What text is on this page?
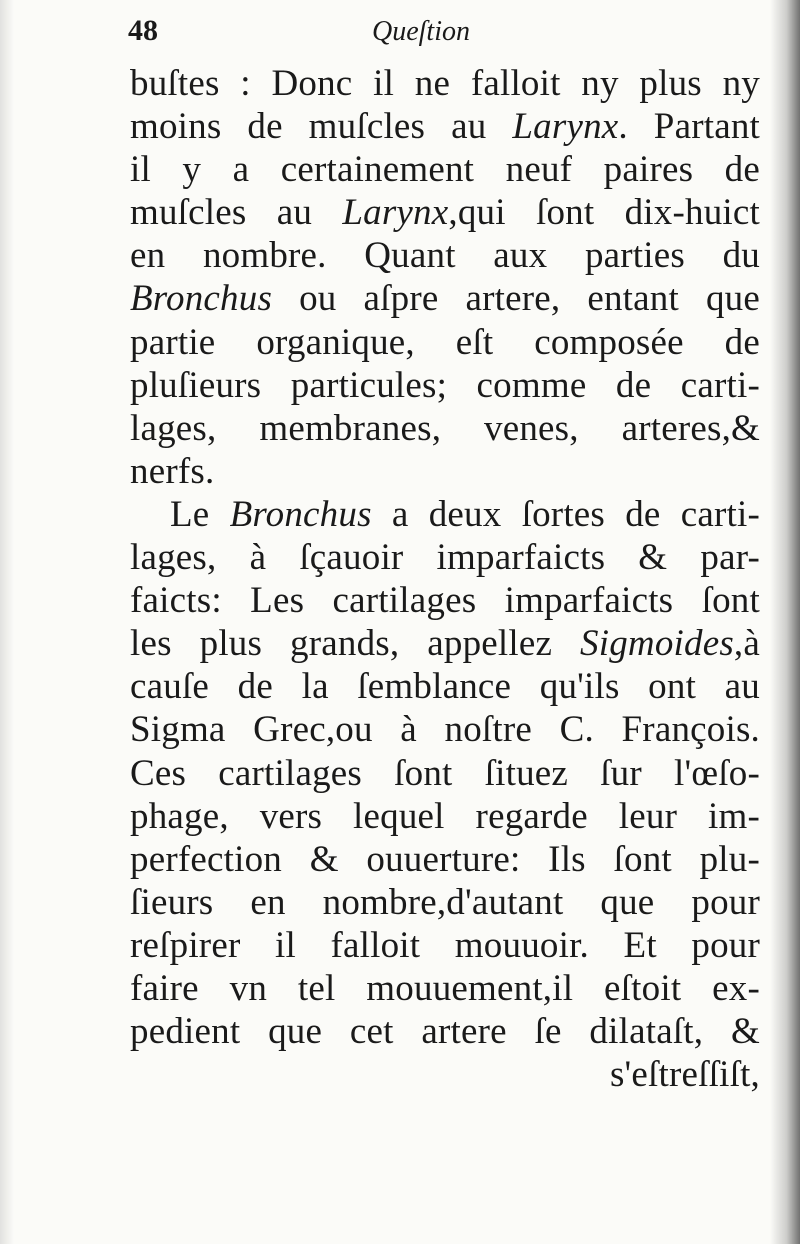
48	Queſtion
buſtes : Donc il ne falloit ny plus ny
moins de muſcles au Larynx. Partant
il y a certainement neuf paires de
muſcles au Larynx,qui ſont dix-huict
en nombre. Quant aux parties du
Bronchus ou aſpre artere, entant que
partie organique, eſt composée de
pluſieurs particules; comme de carti-
lages, membranes, venes, arteres,&
nerfs.
Le Bronchus a deux ſortes de carti-
lages, à ſçauoir imparfaicts & par-
faicts: Les cartilages imparfaicts ſont
les plus grands, appellez Sigmoides,à
cauſe de la ſemblance qu'ils ont au
Sigma Grec,ou à noſtre C. François.
Ces cartilages ſont ſituez ſur l'œſo-
phage, vers lequel regarde leur im-
perfection & ouuerture: Ils ſont plu-
ſieurs en nombre,d'autant que pour
reſpirer il falloit mouuoir. Et pour
faire vn tel mouuement,il eſtoit ex-
pedient que cet artere ſe dilataſt, &
s'eſtreſſiſt,
